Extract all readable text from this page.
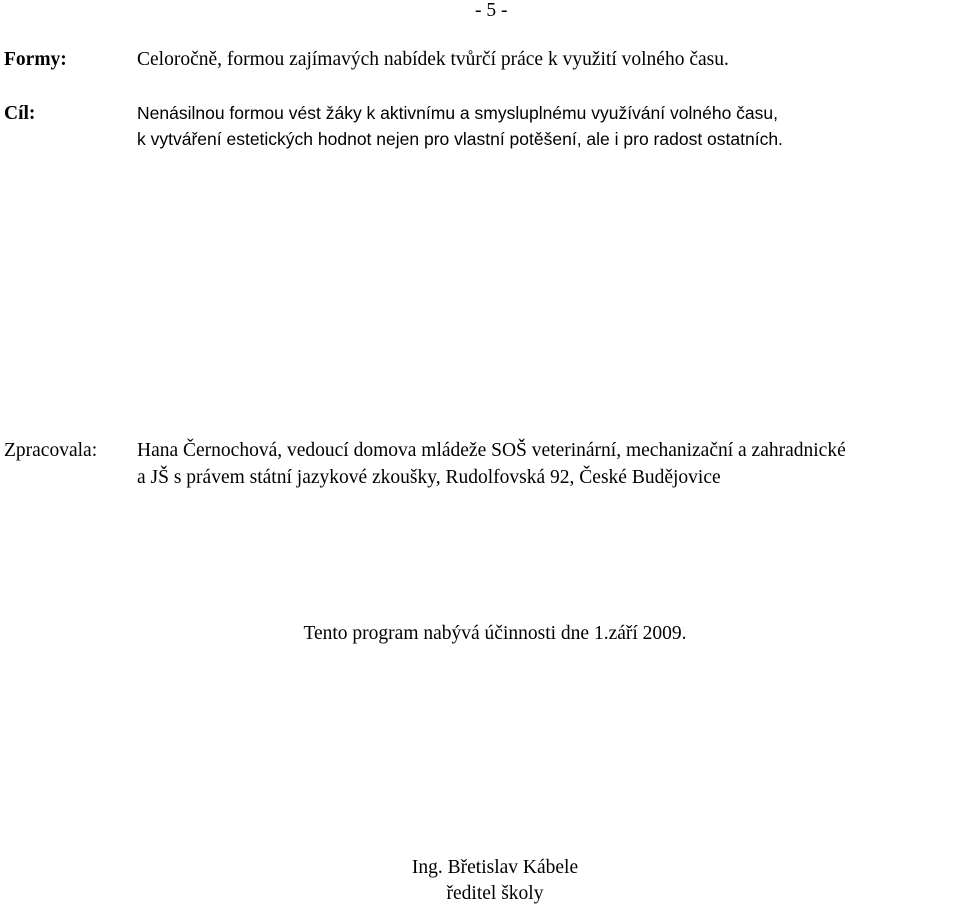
- 5 -
Formy:	Celoročně, formou zajímavých nabídek tvůrčí práce k využití volného času.
Cíl:	Nenásilnou formou vést žáky k aktivnímu a smysluplnému využívání volného času,
k vytváření estetických hodnot nejen pro vlastní potěšení, ale i pro radost ostatních.
Zpracovala: Hana Černochová, vedoucí domova mládeže SOŠ veterinární, mechanizační a zahradnické
a JŠ s právem státní jazykové zkoušky, Rudolfovská 92, České Budějovice
Tento program nabývá účinnosti dne 1.září 2009.
Ing. Břetislav Kábele
ředitel školy
